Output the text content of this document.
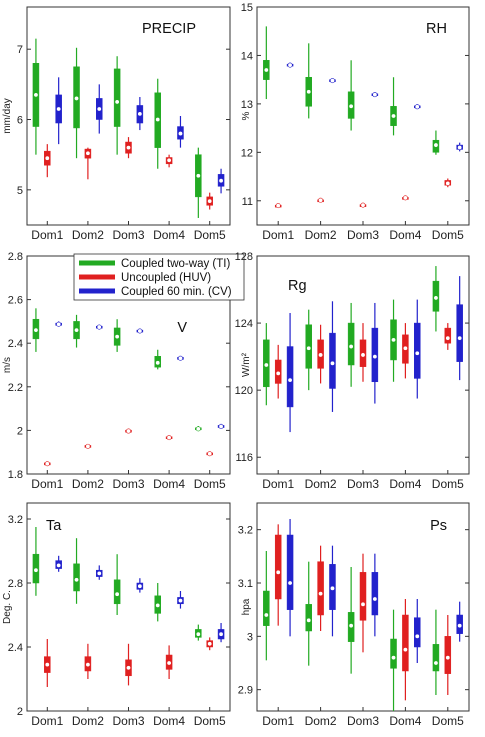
5
6
7
mm/day
PRECIP
Dom1 Dom2 Dom3 Dom4 Dom5
11
12
13
14
15
%
RH
Dom1 Dom2 Dom3 Dom4 Dom5
1.8
2
2.2
2.4
2.6
2.8
m/s
V
Dom1 Dom2 Dom3 Dom4 Dom5
Coupled two-way (TI)
Uncoupled (HUV)
Coupled 60 min. (CV)
116
120
124
128
W/m²
Rg
Dom1 Dom2 Dom3 Dom4 Dom5
2
2.4
2.8
3.2
Deg. C.
Ta
Dom1 Dom2 Dom3 Dom4 Dom5
2.9
3
3.1
3.2
hpa
Ps
Dom1 Dom2 Dom3 Dom4 Dom5
